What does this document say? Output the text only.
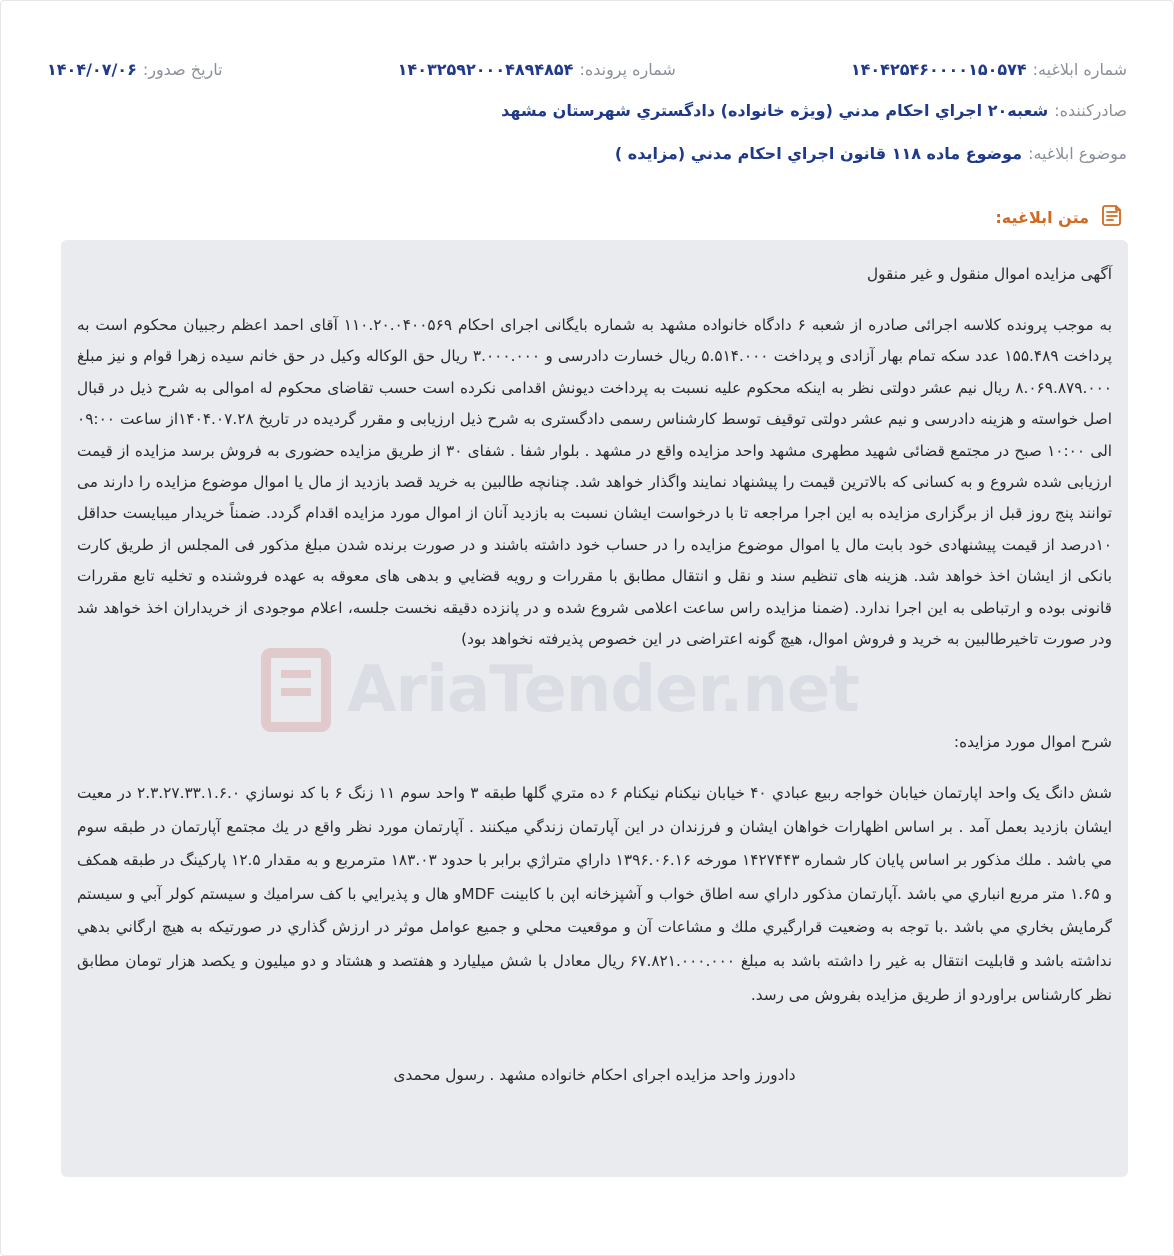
شماره ابلاغیه:
۱۴۰۴۲۵۴۶۰۰۰۰۱۵۰۵۷۴
شماره پرونده:
۱۴۰۳۲۵۹۲۰۰۰۴۸۹۴۸۵۴
تاریخ صدور:
۱۴۰۴/۰۷/۰۶
صادرکننده:
شعبه۲۰ اجراي احكام مدني (ويژه خانواده) دادگستري شهرستان مشهد
موضوع ابلاغیه:
موضوع ماده ۱۱۸ قانون اجراي احكام مدني (مزايده )
متن ابلاغیه:
AriaTender.net

آگهی مزایده اموال منقول و غیر منقول

به موجب پرونده کلاسه اجرائی صادره از شعبه ۶ دادگاه خانواده مشهد به شماره بایگانی اجرای احکام ۱۱۰.۲۰.۰۴۰۰۵۶۹ آقای احمد اعظم رجبیان محکوم است به پرداخت ۱۵۵.۴۸۹ عدد سکه تمام بهار آزادی و پرداخت ۵.۵۱۴.۰۰۰ ریال خسارت دادرسی و ۳.۰۰۰.۰۰۰ ریال حق الوکاله وکیل در حق خانم سیده زهرا قوام و نیز مبلغ ۸.۰۶۹.۸۷۹.۰۰۰ ریال نیم عشر دولتی نظر به اینکه محکوم علیه نسبت به پرداخت دیونش اقدامی نکرده است حسب تقاضای محکوم له اموالی به شرح ذیل در قبال اصل خواسته و هزینه دادرسی و نیم عشر دولتی توقیف توسط کارشناس رسمی دادگستری به شرح ذیل ارزیابی و مقرر گردیده در تاریخ ۱۴۰۴.۰۷.۲۸از ساعت ۰۹:۰۰ الی ۱۰:۰۰ صبح در مجتمع قضائی شهید مطهری مشهد واحد مزایده واقع در مشهد . بلوار شفا . شفای ۳۰ از طریق مزایده حضوری به فروش برسد مزایده از قیمت ارزیابی شده شروع و به کسانی که بالاترین قیمت را پیشنهاد نمایند واگذار خواهد شد. چنانچه طالبین به خرید قصد بازدید از مال یا اموال موضوع مزایده را دارند می توانند پنج روز قبل از برگزاری مزایده به این اجرا مراجعه تا با درخواست ایشان نسبت به بازدید آنان از اموال مورد مزایده اقدام گردد. ضمناً خریدار میبایست حداقل ۱۰درصد از قیمت پیشنهادی خود بابت مال یا اموال موضوع مزایده را در حساب خود داشته باشند و در صورت برنده شدن مبلغ مذکور فی المجلس از طریق کارت بانکی از ایشان اخذ خواهد شد. هزینه های تنظیم سند و نقل و انتقال مطابق با مقررات و رویه قضايي و بدهی های معوقه به عهده فروشنده و تخلیه تابع مقررات قانونی بوده و ارتباطی به این اجرا ندارد. (ضمنا مزایده راس ساعت اعلامی شروع شده و در پانزده دقیقه نخست جلسه، اعلام موجودی از خریداران اخذ خواهد شد ودر صورت تاخیرطالبین به خرید و فروش اموال، هیچ گونه اعتراضی در این خصوص پذیرفته نخواهد بود)

شرح اموال مورد مزایده:

شش دانگ یک واحد اپارتمان خیابان خواجه ربیع عبادي ۴۰ خیابان نیکنام نیکنام ۶ ده متري گلها طبقه ۳ واحد سوم ۱۱ زنگ ۶ با کد نوسازي ۲.۳.۲۷.۳۳.۱.۶.۰ در معیت ایشان بازدید بعمل آمد . بر اساس اظهارات خواهان ایشان و فرزندان در این آپارتمان زندگي میکنند . آپارتمان مورد نظر واقع در یك مجتمع آپارتمان در طبقه سوم مي باشد . ملك مذكور بر اساس پایان كار شماره ۱۴۲۷۴۴۳ مورخه ۱۳۹۶.۰۶.۱۶ داراي متراژي برابر با حدود ۱۸۳.۰۳ مترمربع و به مقدار ۱۲.۵ پاركینگ در طبقه همكف و ۱.۶۵ متر مربع انباري مي باشد .آپارتمان مذكور داراي سه اطاق خواب و آشپزخانه اپن با كابینت MDFو هال و پذیرایي با كف سرامیك و سیستم كولر آبي و سیستم گرمایش بخاري مي باشد .با توجه به وضعیت قرارگیري ملك و مشاعات آن و موقعیت محلي و جمیع عوامل موثر در ارزش گذاري در صورتیكه به هیچ ارگاني بدهي نداشته باشد و قابلیت انتقال به غیر را داشته باشد به مبلغ ۶۷.۸۲۱.۰۰۰.۰۰۰ ریال معادل با شش میلیارد و هفتصد و هشتاد و دو میلیون و یکصد هزار تومان مطابق نظر کارشناس براوردو از طریق مزایده بفروش می رسد.

دادورز واحد مزایده اجرای احکام خانواده مشهد . رسول محمدی
